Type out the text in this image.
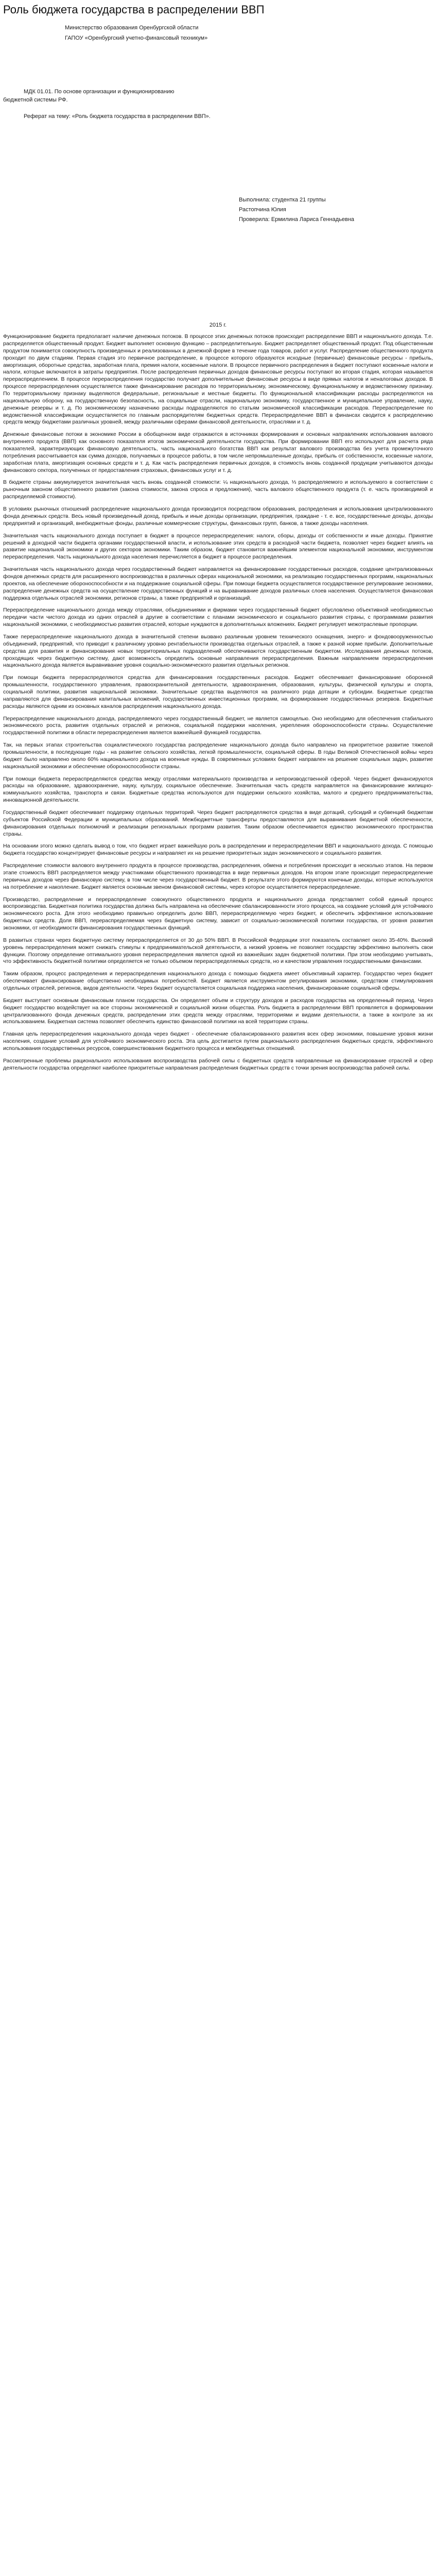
Роль бюджета государства в распределении ВВП
Министерство образования Оренбургской области
ГАПОУ «Оренбургский учетно-финансовый техникум»
МДК 01.01. По основе организации и функционированию
бюджетной системы РФ.
Реферат на тему: «Роль бюджета государства в распределении ВВП».
Выполнила: студентка 21 группы
Растопчина Юлия
Проверила: Ермилина Лариса Геннадьевна
2015 г.

Функционирование бюджета предполагает наличие денежных потоков. В процессе этих денежных потоков происходит распределение ВВП и национального дохода. Т.е. распределяется общественный продукт. Бюджет выполняет основную функцию – распределительную. Бюджет распределяет общественный продукт. Под общественным продуктом понимается совокупность произведенных и реализованных в денежной форме в течение года товаров, работ и услуг. Распределение общественного продукта проходит по двум стадиям. Первая стадия это первичное распределение, в процессе которого образуются исходные (первичные) финансовые ресурсы - прибыль, амортизация, оборотные средства, заработная плата, премия налоги, косвенные налоги. В процессе первичного распределения в бюджет поступают косвенные налоги и налоги, которые включаются в затраты предприятия. После распределения первичных доходов финансовые ресурсы поступают во вторая стадия, которая называется перераспределением. В процессе перераспределения государство получает дополнительные финансовые ресурсы в виде прямых налогов и неналоговых доходов. В процессе перераспределения осуществляется также финансирование расходов по территориальному, экономическому, функциональному и ведомственному признаку. По территориальному признаку выделяются федеральные, региональные и местные бюджеты. По функциональной классификации расходы распределяются на национальную оборону, на государственную безопасность, на социальные отрасли, национальную экономику, государственное и муниципальное управление, науку, денежные резервы и т. д. По экономическому назначению расходы подразделяются по статьям экономической классификации расходов. Перераспределение по ведомственной классификации осуществляется по главным распорядителям бюджетных средств. Перераспределение ВВП в финансах сводится к распределению средств между бюджетами различных уровней, между различными сферами финансовой деятельности, отраслями и т. д.

Денежные финансовые потоки в экономике России в обобщенном виде отражаются в источниках формирования и основных направлениях использования валового внутреннего продукта (ВВП) как основного показателя итогов экономической деятельности государства. При формировании ВВП его используют для расчета ряда показателей, характеризующих финансовую деятельность, часть национального богатства ВВП как результат валового производства без учета промежуточного потребления рассчитывается как сумма доходов, получаемых в процессе работы, в том числе непромышленные доходы, прибыль от собственности, косвенные налоги, заработная плата, амортизация основных средств и т. д. Как часть распределения первичных доходов, в стоимость вновь созданной продукции учитываются доходы финансового сектора, полученных от предоставления страховых, финансовых услуг и т. д.

В бюджете страны аккумулируется значительная часть вновь созданной стоимости: ¼ национального дохода, ⅓ распределяемого и используемого в соответствии с рыночным законом общественного развития (закона стоимости, закона спроса и предложения), часть валового общественного продукта (т. е. часть производимой и распределяемой стоимости).

В условиях рыночных отношений распределение национального дохода производится посредством образования, распределения и использования централизованного фонда денежных средств. Весь новый произведенный доход, прибыль и иные доходы организации, предприятия, граждане - т. е. все, государственные доходы, доходы предприятий и организаций, внебюджетные фонды, различные коммерческие структуры, финансовых групп, банков, а также доходы населения.

Значительная часть национального дохода поступает в бюджет в процессе перераспределения: налоги, сборы, доходы от собственности и иные доходы. Принятие решений в доходной части бюджета органами государственной власти, и использование этих средств в расходной части бюджета, позволяет через бюджет влиять на развитие национальной экономики и других секторов экономики. Таким образом, бюджет становится важнейшим элементом национальной экономики, инструментом перераспределения. Часть национального дохода населения перечисляется в бюджет в процессе распределения.

Значительная часть национального дохода через государственный бюджет направляется на финансирование государственных расходов, создание централизованных фондов денежных средств для расширенного воспроизводства в различных сферах национальной экономики, на реализацию государственных программ, национальных проектов, на обеспечение обороноспособности и на поддержание социальной сферы. При помощи бюджета осуществляется государственное регулирование экономики, распределение денежных средств на осуществление государственных функций и на выравнивание доходов различных слоев населения. Осуществляется финансовая поддержка отдельных отраслей экономики, регионов страны, а также предприятий и организаций.

Перераспределение национального дохода между отраслями, объединениями и фирмами через государственный бюджет обусловлено объективной необходимостью передачи части чистого дохода из одних отраслей в другие в соответствии с планами экономического и социального развития страны, с программами развития национальной экономики, с необходимостью развития отраслей, которые нуждаются в дополнительных вложениях. Бюджет регулирует межотраслевые пропорции.

Также перераспределение национального дохода в значительной степени вызвано различным уровнем технического оснащения, энерго- и фондовооруженностью объединений, предприятий, что приводит к различному уровню рентабельности производства отдельных отраслей, а также к разной норме прибыли. Дополнительные средства для развития и финансирования новых территориальных подразделений обеспечиваются государственным бюджетом. Исследования денежных потоков, проходящих через бюджетную систему, дают возможность определить основные направления перераспределения. Важным направлением перераспределения национального дохода является выравнивание уровня социально-экономического развития отдельных регионов.

При помощи бюджета перераспределяются средства для финансирования государственных расходов. Бюджет обеспечивает финансирование оборонной промышленности, государственного управления, правоохранительной деятельности, здравоохранения, образования, культуры, физической культуры и спорта, социальной политики, развития национальной экономики. Значительные средства выделяются на различного рода дотации и субсидии. Бюджетные средства направляются для финансирования капитальных вложений, государственных инвестиционных программ, на формирование государственных резервов. Бюджетные расходы являются одним из основных каналов распределения национального дохода.

Перераспределение национального дохода, распределяемого через государственный бюджет, не является самоцелью. Оно необходимо для обеспечения стабильного экономического роста, развития отдельных отраслей и регионов, социальной поддержки населения, укрепления обороноспособности страны. Осуществление государственной политики в области перераспределения является важнейшей функцией государства.

Так, на первых этапах строительства социалистического государства распределение национального дохода было направлено на приоритетное развитие тяжелой промышленности, в последующие годы - на развитие сельского хозяйства, легкой промышленности, социальной сферы. В годы Великой Отечественной войны через бюджет было направлено около 60% национального дохода на военные нужды. В современных условиях бюджет направлен на решение социальных задач, развитие национальной экономики и обеспечение обороноспособности страны.

При помощи бюджета перераспределяются средства между отраслями материального производства и непроизводственной сферой. Через бюджет финансируются расходы на образование, здравоохранение, науку, культуру, социальное обеспечение. Значительная часть средств направляется на финансирование жилищно-коммунального хозяйства, транспорта и связи. Бюджетные средства используются для поддержки сельского хозяйства, малого и среднего предпринимательства, инновационной деятельности.

Государственный бюджет обеспечивает поддержку отдельных территорий. Через бюджет распределяются средства в виде дотаций, субсидий и субвенций бюджетам субъектов Российской Федерации и муниципальных образований. Межбюджетные трансферты предоставляются для выравнивания бюджетной обеспеченности, финансирования отдельных полномочий и реализации региональных программ развития. Таким образом обеспечивается единство экономического пространства страны.

На основании этого можно сделать вывод о том, что бюджет играет важнейшую роль в распределении и перераспределении ВВП и национального дохода. С помощью бюджета государство концентрирует финансовые ресурсы и направляет их на решение приоритетных задач экономического и социального развития.

Распределение стоимости валового внутреннего продукта в процессе производства, распределения, обмена и потребления происходит в несколько этапов. На первом этапе стоимость ВВП распределяется между участниками общественного производства в виде первичных доходов. На втором этапе происходит перераспределение первичных доходов через финансовую систему, в том числе через государственный бюджет. В результате этого формируются конечные доходы, которые используются на потребление и накопление. Бюджет является основным звеном финансовой системы, через которое осуществляется перераспределение.

Производство, распределение и перераспределение совокупного общественного продукта и национального дохода представляет собой единый процесс воспроизводства. Бюджетная политика государства должна быть направлена на обеспечение сбалансированности этого процесса, на создание условий для устойчивого экономического роста. Для этого необходимо правильно определить долю ВВП, перераспределяемую через бюджет, и обеспечить эффективное использование бюджетных средств. Доля ВВП, перераспределяемая через бюджетную систему, зависит от социально-экономической политики государства, от уровня развития экономики, от необходимости финансирования государственных функций.

В развитых странах через бюджетную систему перераспределяется от 30 до 50% ВВП. В Российской Федерации этот показатель составляет около 35-40%. Высокий уровень перераспределения может снижать стимулы к предпринимательской деятельности, а низкий уровень не позволяет государству эффективно выполнять свои функции. Поэтому определение оптимального уровня перераспределения является одной из важнейших задач бюджетной политики. При этом необходимо учитывать, что эффективность бюджетной политики определяется не только объемом перераспределяемых средств, но и качеством управления государственными финансами.

Таким образом, процесс распределения и перераспределения национального дохода с помощью бюджета имеет объективный характер. Государство через бюджет обеспечивает финансирование общественно необходимых потребностей. Бюджет является инструментом регулирования экономики, средством стимулирования отдельных отраслей, регионов, видов деятельности. Через бюджет осуществляется социальная поддержка населения, финансирование социальной сферы.

Бюджет выступает основным финансовым планом государства. Он определяет объем и структуру доходов и расходов государства на определенный период. Через бюджет государство воздействует на все стороны экономической и социальной жизни общества. Роль бюджета в распределении ВВП проявляется в формировании централизованного фонда денежных средств, распределении этих средств между отраслями, территориями и видами деятельности, а также в контроле за их использованием. Бюджетная система позволяет обеспечить единство финансовой политики на всей территории страны.

Главная цель перераспределения национального дохода через бюджет - обеспечение сбалансированного развития всех сфер экономики, повышение уровня жизни населения, создание условий для устойчивого экономического роста. Эта цель достигается путем рационального распределения бюджетных средств, эффективного использования государственных ресурсов, совершенствования бюджетного процесса и межбюджетных отношений.

Рассмотренные проблемы рационального использования воспроизводства рабочей силы с бюджетных средств направленные на финансирование отраслей и сфер деятельности государства определяют наиболее приоритетные направления распределения бюджетных средств с точки зрения воспроизводства рабочей силы.
